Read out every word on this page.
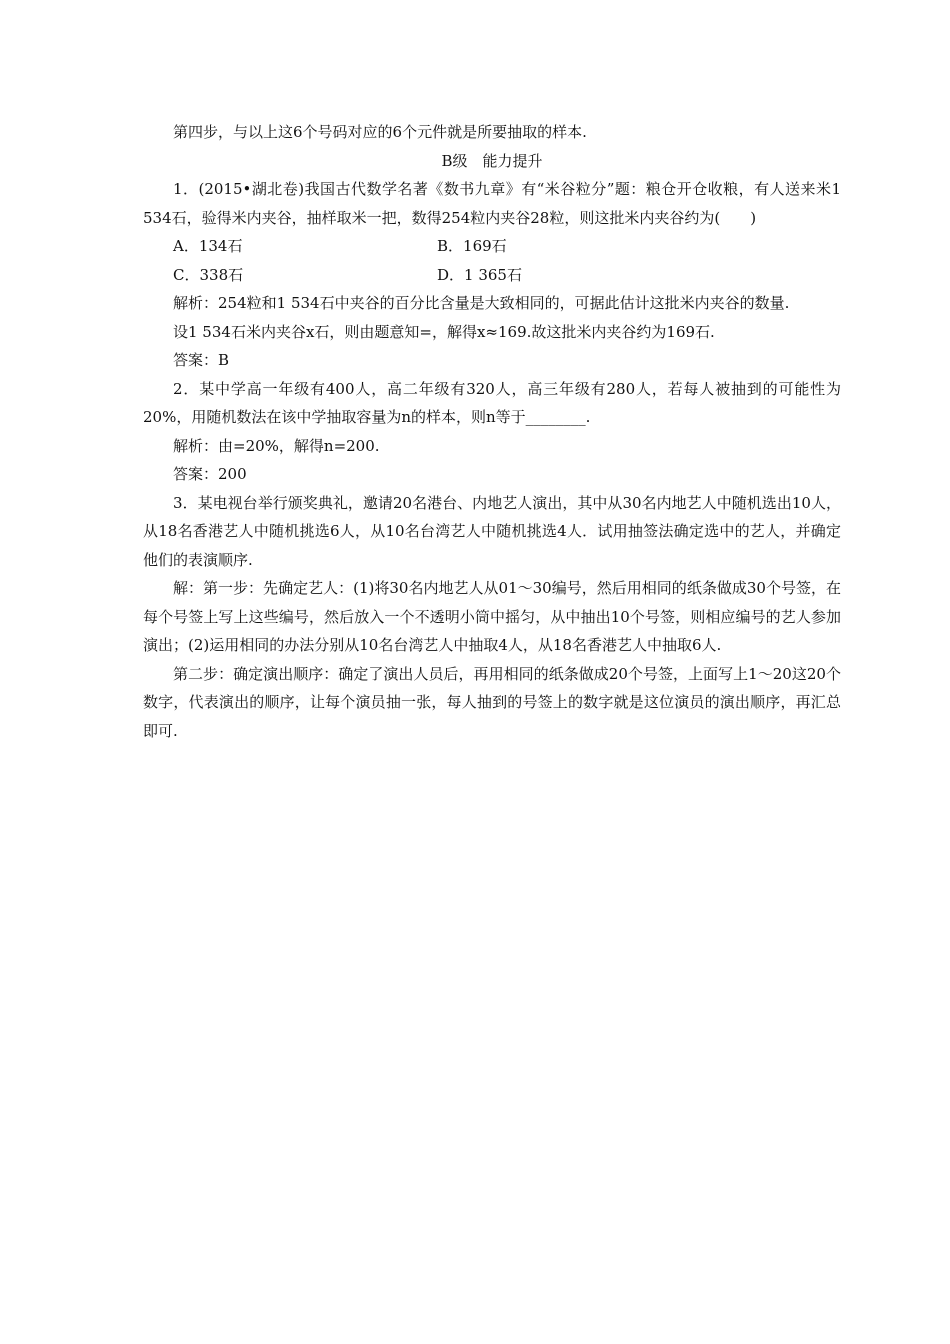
第四步，与以上这6个号码对应的6个元件就是所要抽取的样本.

B级　能力提升

1．(2015•湖北卷)我国古代数学名著《数书九章》有“米谷粒分”题：粮仓开仓收粮，有人送来米1 534石，验得米内夹谷，抽样取米一把，数得254粒内夹谷28粒，则这批米内夹谷约为(　　)

A．134石	B．169石
C．338石	D．1 365石

解析：254粒和1 534石中夹谷的百分比含量是大致相同的，可据此估计这批米内夹谷的数量.

设1 534石米内夹谷x石，则由题意知=，解得x≈169.故这批米内夹谷约为169石.

答案：B

2．某中学高一年级有400人，高二年级有320人，高三年级有280人，若每人被抽到的可能性为20%，用随机数法在该中学抽取容量为n的样本，则n等于________.

解析：由=20%，解得n=200.

答案：200

3．某电视台举行颁奖典礼，邀请20名港台、内地艺人演出，其中从30名内地艺人中随机选出10人，从18名香港艺人中随机挑选6人，从10名台湾艺人中随机挑选4人．试用抽签法确定选中的艺人，并确定他们的表演顺序.

解：第一步：先确定艺人：(1)将30名内地艺人从01～30编号，然后用相同的纸条做成30个号签，在每个号签上写上这些编号，然后放入一个不透明小筒中摇匀，从中抽出10个号签，则相应编号的艺人参加演出；(2)运用相同的办法分别从10名台湾艺人中抽取4人，从18名香港艺人中抽取6人.

第二步：确定演出顺序：确定了演出人员后，再用相同的纸条做成20个号签，上面写上1～20这20个数字，代表演出的顺序，让每个演员抽一张，每人抽到的号签上的数字就是这位演员的演出顺序，再汇总即可.
